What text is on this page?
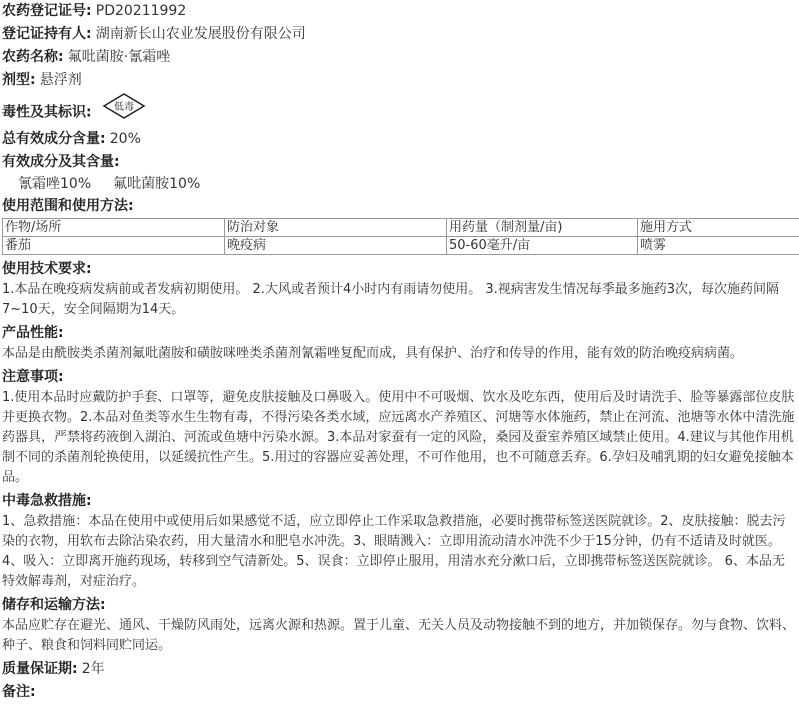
农药登记证号: PD20211992
登记证持有人: 湖南新长山农业发展股份有限公司
农药名称: 氟吡菌胺·氰霜唑
剂型: 悬浮剂
毒性及其标识: 低毒
总有效成分含量: 20%
有效成分及其含量:
氰霜唑10% 氟吡菌胺10%
使用范围和使用方法:
作物/场所	防治对象	用药量（制剂量/亩)	施用方式
番茄	晚疫病	50-60毫升/亩	喷雾
使用技术要求:
1.本品在晚疫病发病前或者发病初期使用。 2.大风或者预计4小时内有雨请勿使用。 3.视病害发生情况每季最多施药3次，每次施药间隔7~10天，安全间隔期为14天。
产品性能:
本品是由酰胺类杀菌剂氟吡菌胺和磺胺咪唑类杀菌剂氰霜唑复配而成，具有保护、治疗和传导的作用，能有效的防治晚疫病病菌。
注意事项:
1.使用本品时应戴防护手套、口罩等，避免皮肤接触及口鼻吸入。使用中不可吸烟、饮水及吃东西，使用后及时请洗手、脸等暴露部位皮肤并更换衣物。2.本品对鱼类等水生生物有毒，不得污染各类水域，应远离水产养殖区、河塘等水体施药，禁止在河流、池塘等水体中清洗施药器具，严禁将药液倒入湖泊、河流或鱼塘中污染水源。3.本品对家蚕有一定的风险，桑园及蚕室养殖区域禁止使用。4.建议与其他作用机制不同的杀菌剂轮换使用，以延缓抗性产生。5.用过的容器应妥善处理，不可作他用，也不可随意丢弃。6.孕妇及哺乳期的妇女避免接触本品。
中毒急救措施:
1、急救措施：本品在使用中或使用后如果感觉不适，应立即停止工作采取急救措施，必要时携带标签送医院就诊。2、皮肤接触：脱去污染的衣物，用软布去除沾染农药，用大量清水和肥皂水冲洗。3、眼睛溅入：立即用流动清水冲洗不少于15分钟，仍有不适请及时就医。4、吸入：立即离开施药现场，转移到空气清新处。5、误食：立即停止服用，用清水充分漱口后，立即携带标签送医院就诊。 6、本品无特效解毒剂，对症治疗。
储存和运输方法:
本品应贮存在避光、通风、干燥防风雨处，远离火源和热源。置于儿童、无关人员及动物接触不到的地方，并加锁保存。勿与食物、饮料、种子、粮食和饲料同贮同运。
质量保证期: 2年
备注:
